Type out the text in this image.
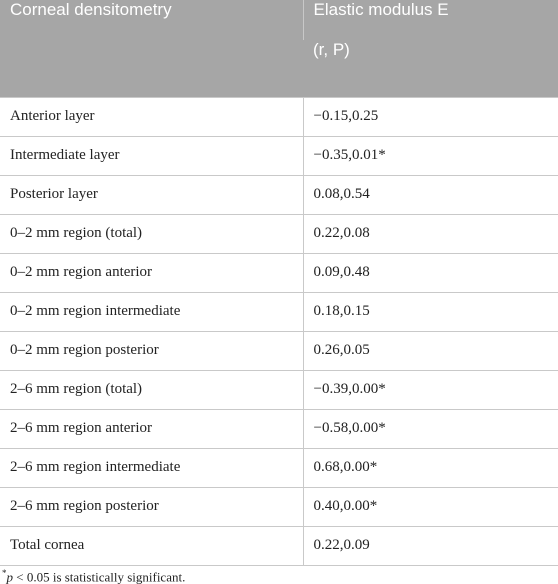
Corneal densitometry	Elastic modulus E
	(r, P)
Anterior layer	−0.15,0.25
Intermediate layer	−0.35,0.01*
Posterior layer	0.08,0.54
0–2 mm region (total)	0.22,0.08
0–2 mm region anterior	0.09,0.48
0–2 mm region intermediate	0.18,0.15
0–2 mm region posterior	0.26,0.05
2–6 mm region (total)	−0.39,0.00*
2–6 mm region anterior	−0.58,0.00*
2–6 mm region intermediate	0.68,0.00*
2–6 mm region posterior	0.40,0.00*
Total cornea	0.22,0.09
*p < 0.05 is statistically significant.
